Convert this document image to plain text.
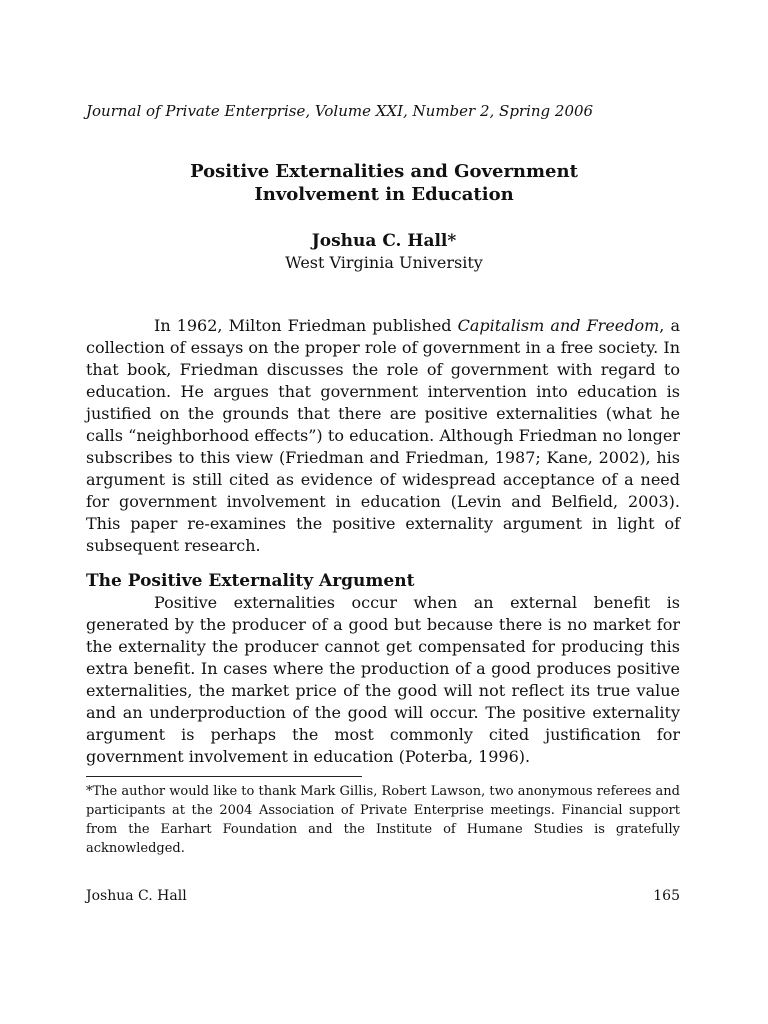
Journal of Private Enterprise, Volume XXI, Number 2, Spring 2006
Positive Externalities and Government
Involvement in Education
Joshua C. Hall*
West Virginia University

In 1962, Milton Friedman published Capitalism and Freedom, a collection of essays on the proper role of government in a free society. In that book, Friedman discusses the role of government with regard to education. He argues that government intervention into education is justified on the grounds that there are positive externalities (what he calls “neighborhood effects”) to education. Although Friedman no longer subscribes to this view (Friedman and Friedman, 1987; Kane, 2002), his argument is still cited as evidence of widespread acceptance of a need for government involvement in education (Levin and Belfield, 2003). This paper re-examines the positive externality argument in light of subsequent research.

The Positive Externality Argument

Positive externalities occur when an external benefit is generated by the producer of a good but because there is no market for the externality the producer cannot get compensated for producing this extra benefit. In cases where the production of a good produces positive externalities, the market price of the good will not reflect its true value and an underproduction of the good will occur. The positive externality argument is perhaps the most commonly cited justification for government involvement in education (Poterba, 1996).

*The author would like to thank Mark Gillis, Robert Lawson, two anonymous referees and participants at the 2004 Association of Private Enterprise meetings. Financial support from the Earhart Foundation and the Institute of Humane Studies is gratefully acknowledged.

Joshua C. Hall	165
